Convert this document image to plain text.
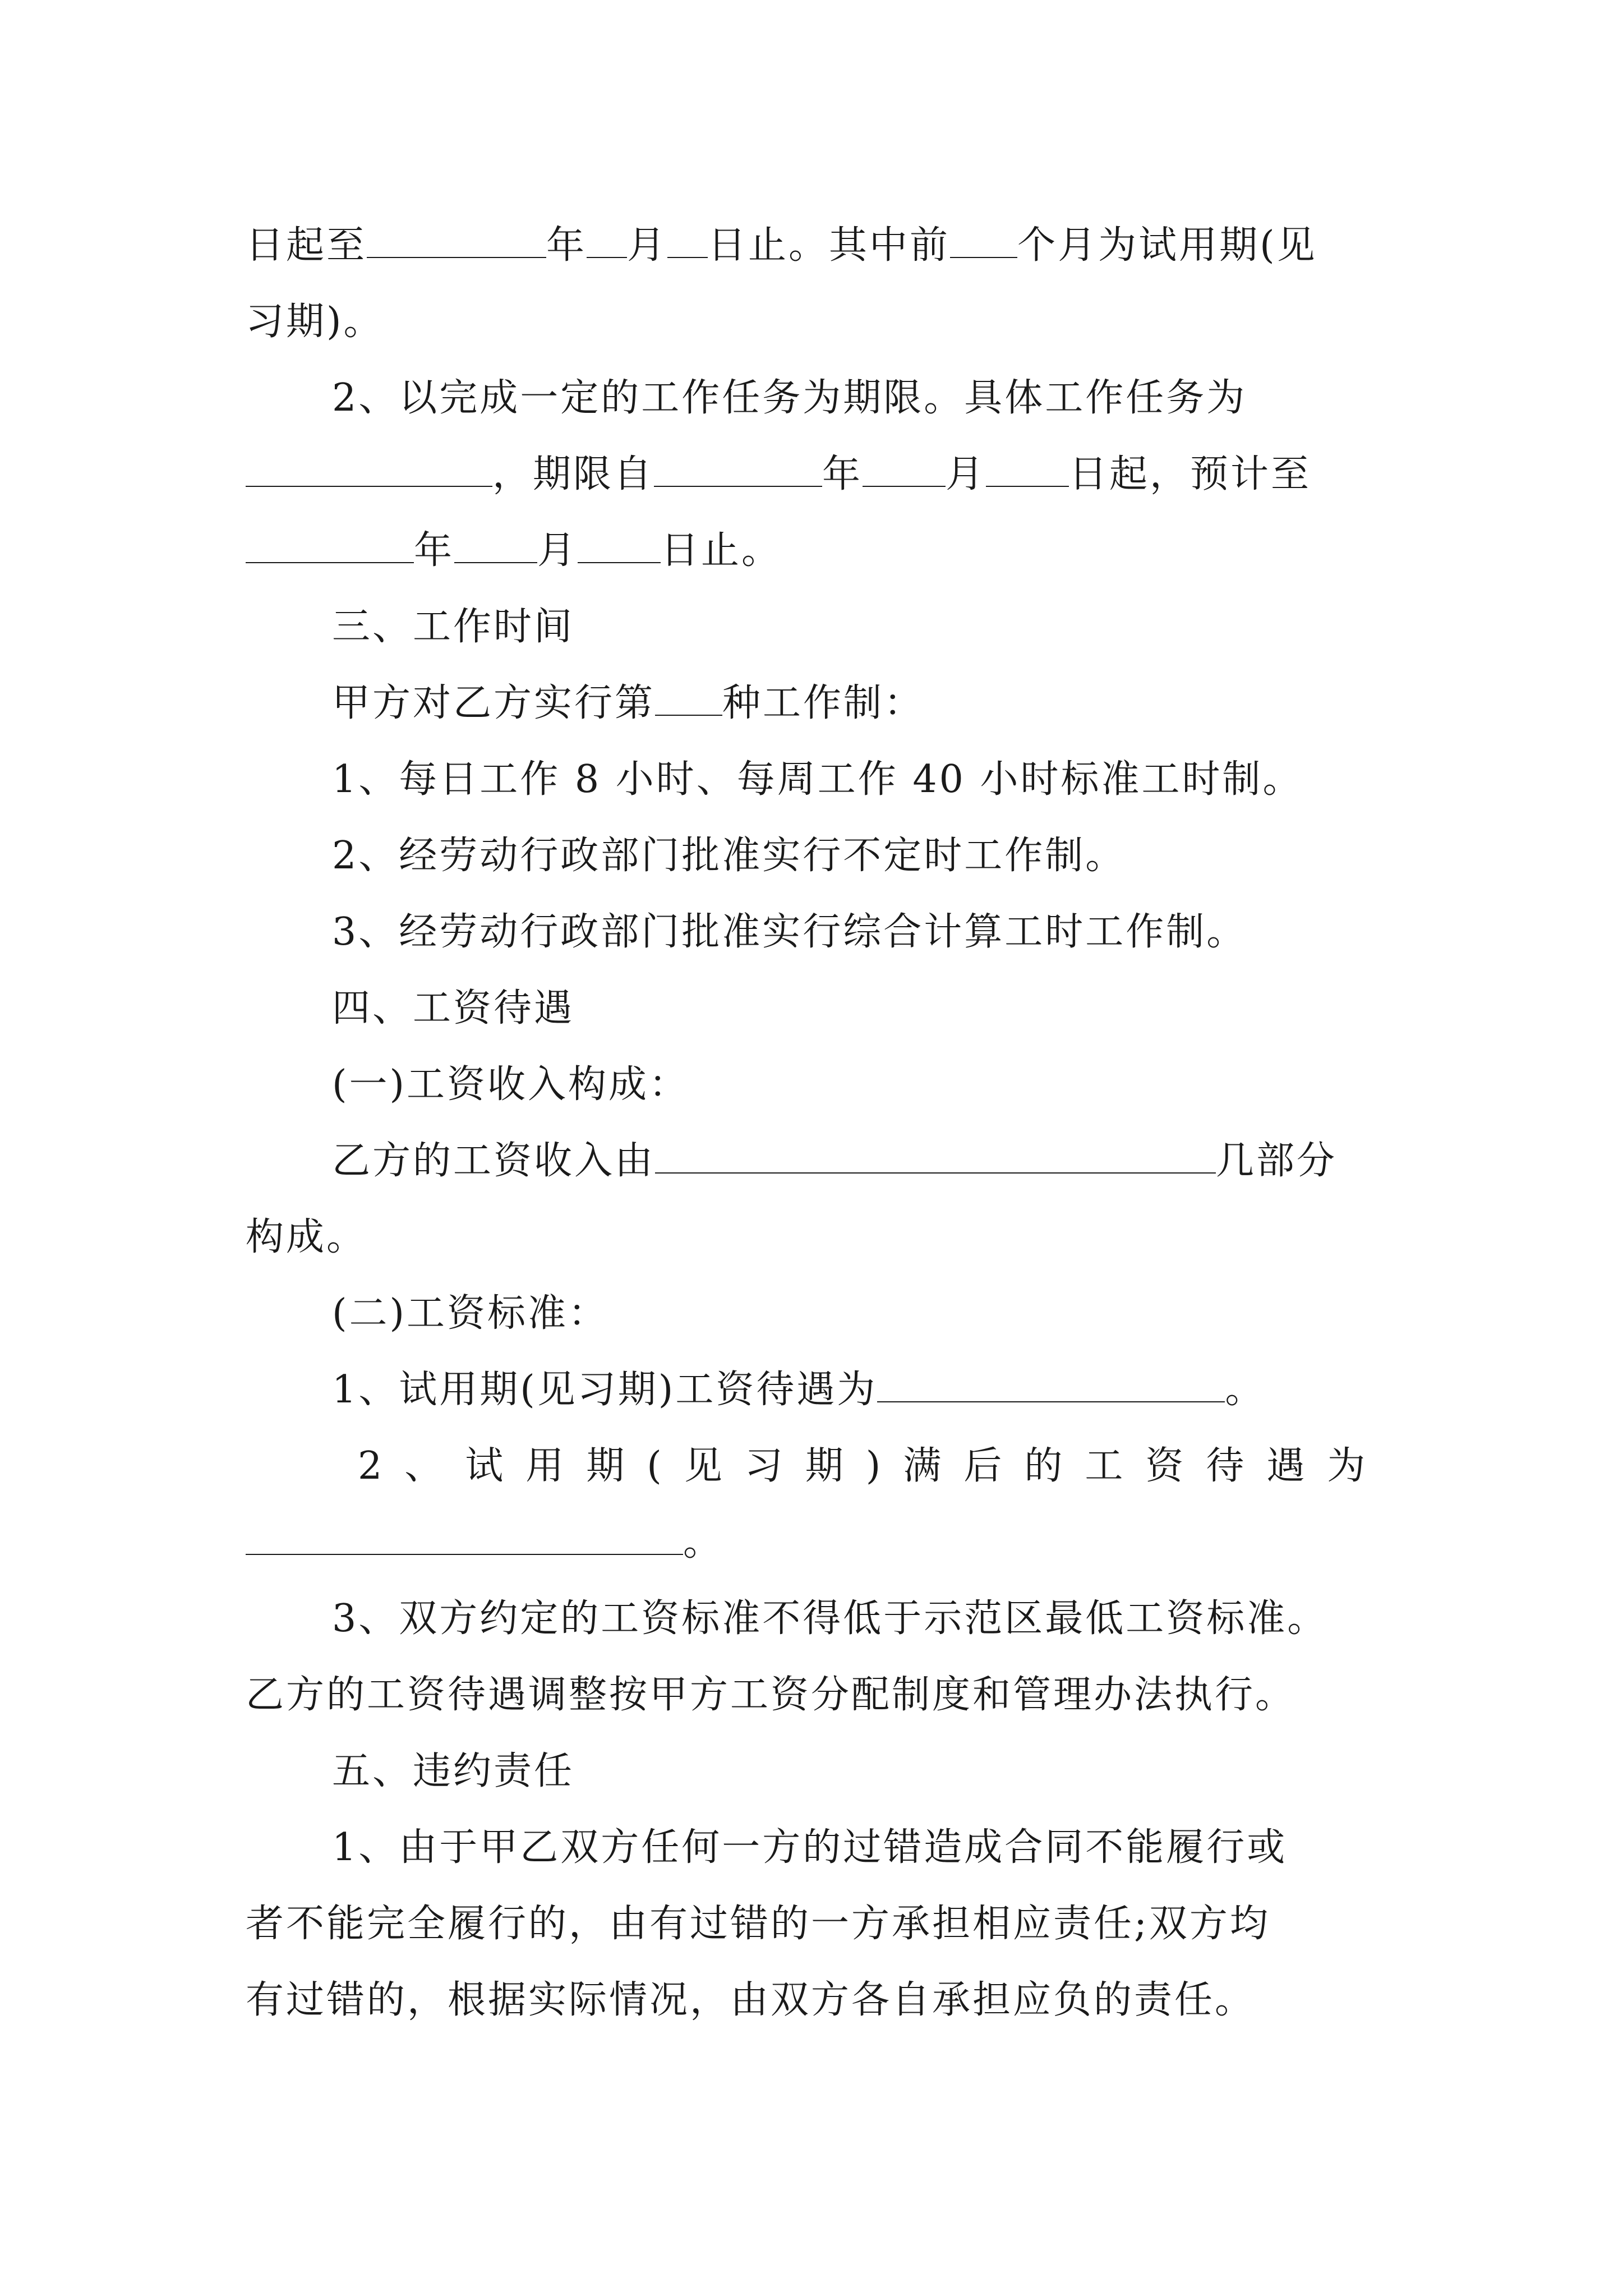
日起至	年 月 日止。其中前 个月为试用期(见
习期)。
2、以完成一定的工作任务为期限。具体工作任务为
，期限自	年 月 日起，预计至
年 月 日止。
三、工作时间
甲方对乙方实行第 种工作制：
1、每日工作 8 小时、每周工作 40 小时标准工时制。
2、经劳动行政部门批准实行不定时工作制。
3、经劳动行政部门批准实行综合计算工时工作制。
四、工资待遇
(一)工资收入构成：
乙方的工资收入由	几部分
构成。
(二)工资标准：
1、试用期(见习期)工资待遇为	。
2、试用期(见习期)满后的工资待遇为
。
3、双方约定的工资标准不得低于示范区最低工资标准。
乙方的工资待遇调整按甲方工资分配制度和管理办法执行。
五、违约责任
1、由于甲乙双方任何一方的过错造成合同不能履行或
者不能完全履行的，由有过错的一方承担相应责任;双方均
有过错的，根据实际情况，由双方各自承担应负的责任。
